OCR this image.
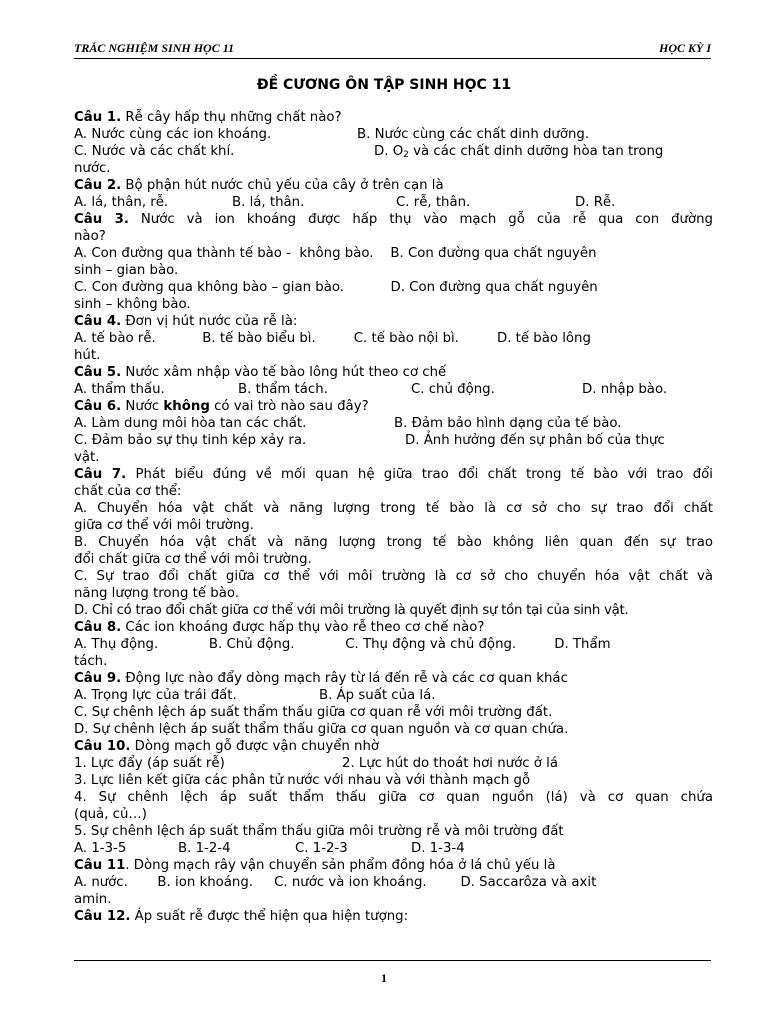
TRẮC NGHIỆM SINH HỌC 11	HỌC KỲ I
ĐỀ CƯƠNG ÔN TẬP SINH HỌC 11
Câu 1. Rễ cây hấp thụ những chất nào?
A. Nước cùng các ion khoáng.	B. Nước cùng các chất dinh dưỡng.
C. Nước và các chất khí.	D. $O_2$ và các chất dinh dưỡng hòa tan trong
nước.
Câu 2. Bộ phận hút nước chủ yếu của cây ở trên cạn là
A. lá, thân, rễ.	B. lá, thân.	C. rễ, thân.	D. Rễ.
Câu 3. Nước và ion khoáng được hấp thụ vào mạch gỗ của rễ qua con đường
nào?
A. Con đường qua thành tế bào -  không bào.    B. Con đường qua chất nguyên
sinh – gian bào.
C. Con đường qua không bào – gian bào.           D. Con đường qua chất nguyên
sinh – không bào.
Câu 4. Đơn vị hút nước của rễ là:
A. tế bào rễ.           B. tế bào biểu bì.         C. tế bào nội bì.         D. tế bào lông
hút.
Câu 5. Nước xâm nhập vào tế bào lông hút theo cơ chế
A. thẩm thấu.	B. thẩm tách.	C. chủ động.	D. nhập bào.
Câu 6. Nước không có vai trò nào sau đây?
A. Làm dung môi hòa tan các chất.	B. Đảm bảo hình dạng của tế bào.
C. Đảm bảo sự thụ tinh kép xảy ra.	D. Ảnh hưởng đến sự phân bố của thực
vật.
Câu 7. Phát biểu đúng về mối quan hệ giữa trao đổi chất trong tế bào với trao đổi
chất của cơ thể:
A. Chuyển hóa vật chất và năng lượng trong tế bào là cơ sở cho sự trao đổi chất
giữa cơ thể với môi trường.
B. Chuyển hóa vật chất và năng lượng trong tế bào không liên quan đến sự trao
đổi chất giữa cơ thể với môi trường.
C. Sự trao đổi chất giữa cơ thể với môi trường là cơ sở cho chuyển hóa vật chất và
năng lượng trong tế bào.
D. Chỉ có trao đổi chất giữa cơ thể với môi trường là quyết định sự tồn tại của sinh vật.
Câu 8. Các ion khoáng được hấp thụ vào rễ theo cơ chế nào?
A. Thụ động.            B. Chủ động.            C. Thụ động và chủ động.         D. Thẩm
tách.
Câu 9. Động lực nào đẩy dòng mạch rây từ lá đến rễ và các cơ quan khác
A. Trọng lực của trái đất.	B. Áp suất của lá.
C. Sự chênh lệch áp suất thẩm thấu giữa cơ quan rễ với môi trường đất.
D. Sự chênh lệch áp suất thẩm thấu giữa cơ quan nguồn và cơ quan chứa.
Câu 10. Dòng mạch gỗ được vận chuyển nhờ
1. Lực đẩy (áp suất rễ)	2. Lực hút do thoát hơi nước ở lá
3. Lực liên kết giữa các phân tử nước với nhau và với thành mạch gỗ
4. Sự chênh lệch áp suất thẩm thấu giữa cơ quan nguồn (lá) và cơ quan chứa
(quả, củ…)
5. Sự chênh lệch áp suất thẩm thấu giữa môi trường rễ và môi trường đất
A. 1-3-5	B. 1-2-4	C. 1-2-3	D. 1-3-4
Câu 11. Dòng mạch rây vận chuyển sản phẩm đồng hóa ở lá chủ yếu là
A. nước.       B. ion khoáng.     C. nước và ion khoáng.        D. Saccarôza và axit
amin.
Câu 12. Áp suất rễ được thể hiện qua hiện tượng:
1
